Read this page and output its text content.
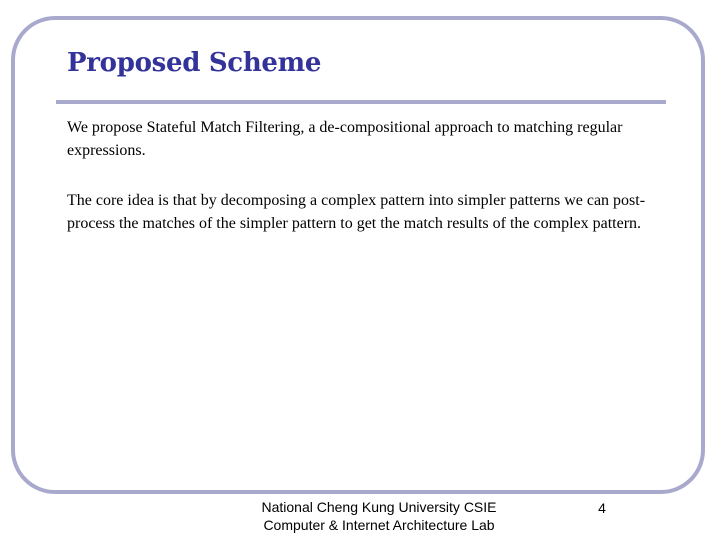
Proposed Scheme

We propose Stateful Match Filtering, a de-compositional approach to matching regular expressions.

The core idea is that by decomposing a complex pattern into simpler patterns we can post-process the matches of the simpler pattern to get the match results of the complex pattern.

National Cheng Kung University CSIE
Computer & Internet Architecture Lab
4
